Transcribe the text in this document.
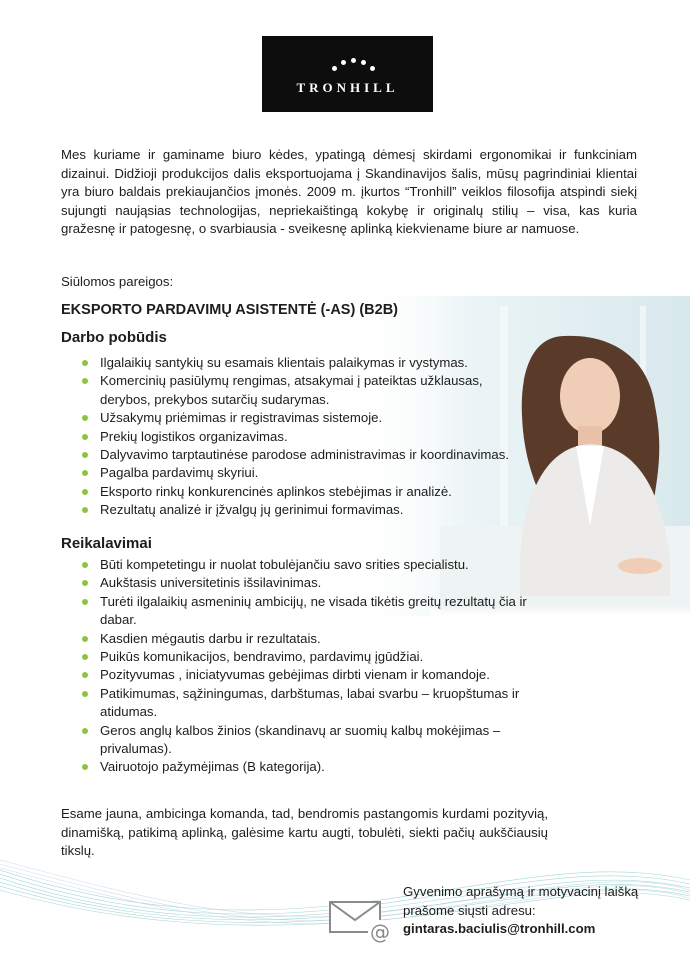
TRONHILL

Mes kuriame ir gaminame biuro kėdes, ypatingą dėmesį skirdami ergonomikai ir funkciniam dizainui. Didžioji produkcijos dalis eksportuojama į Skandinavijos šalis, mūsų pagrindiniai klientai yra biuro baldais prekiaujančios įmonės. 2009 m. įkurtos “Tronhill” veiklos filosofija atspindi siekį sujungti naująsias technologijas, nepriekaištingą kokybę ir originalų stilių – visa, kas kuria gražesnę ir patogesnę, o svarbiausia - sveikesnę aplinką kiekviename biure ar namuose.

Siūlomos pareigos:

EKSPORTO PARDAVIMŲ ASISTENTĖ (-AS) (B2B)
Darbo pobūdis
Ilgalaikių santykių su esamais klientais palaikymas ir vystymas.
Komercinių pasiūlymų rengimas, atsakymai į pateiktas užklausas, derybos, prekybos sutarčių sudarymas.
Užsakymų priėmimas ir registravimas sistemoje.
Prekių logistikos organizavimas.
Dalyvavimo tarptautinėse parodose administravimas ir koordinavimas.
Pagalba pardavimų skyriui.
Eksporto rinkų konkurencinės aplinkos stebėjimas ir analizė.
Rezultatų analizė ir įžvalgų jų gerinimui formavimas.
Reikalavimai
Būti kompetetingu ir nuolat tobulėjančiu savo srities specialistu.
Aukštasis universitetinis išsilavinimas.
Turėti ilgalaikių asmeninių ambicijų, ne visada tikėtis greitų rezultatų čia ir dabar.
Kasdien mėgautis darbu ir rezultatais.
Puikūs komunikacijos, bendravimo, pardavimų įgūdžiai.
Pozityvumas , iniciatyvumas gebėjimas dirbti vienam ir komandoje.
Patikimumas, sąžiningumas, darbštumas, labai svarbu – kruopštumas ir atidumas.
Geros anglų kalbos žinios (skandinavų ar suomių kalbų mokėjimas – privalumas).
Vairuotojo pažymėjimas (B kategorija).

Esame jauna, ambicinga komanda, tad, bendromis pastangomis kurdami pozityvią, dinamišką, patikimą aplinką, galėsime kartu augti, tobulėti, siekti pačių aukščiausių tikslų.

@
Gyvenimo aprašymą ir motyvacinį laišką
prašome siųsti adresu:
gintaras.baciulis@tronhill.com
